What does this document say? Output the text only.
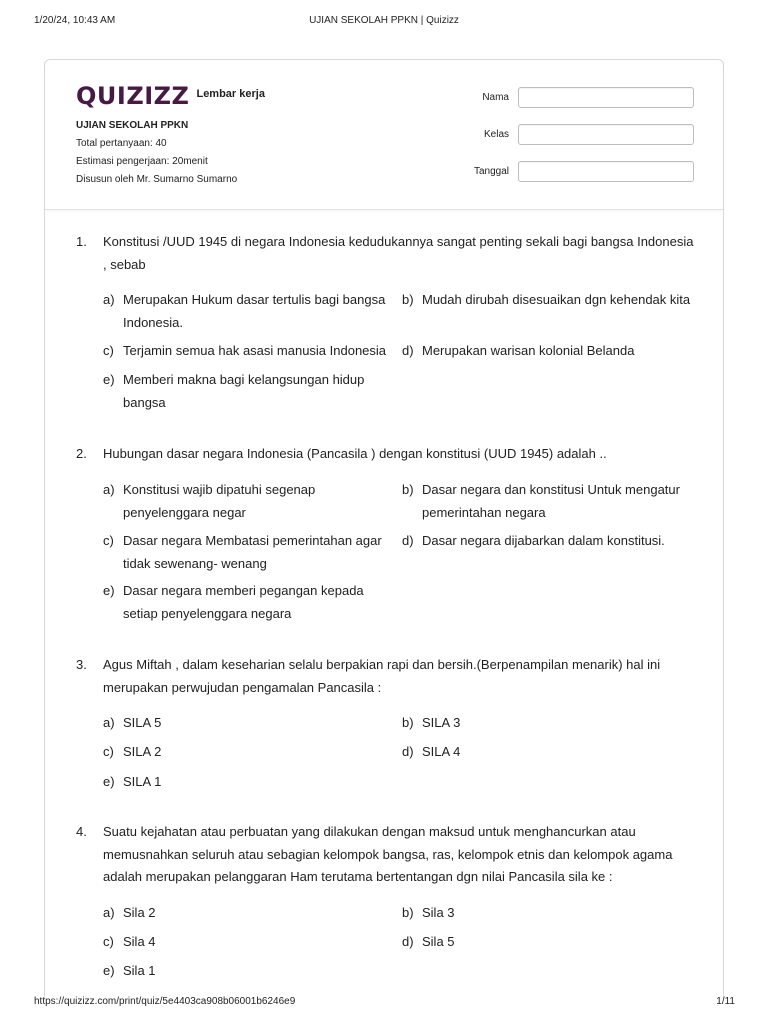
1/20/24, 10:43 AM	UJIAN SEKOLAH PPKN | Quizizz
QUIZIZZ Lembar kerja
UJIAN SEKOLAH PPKN
Total pertanyaan: 40
Estimasi pengerjaan: 20menit
Disusun oleh Mr. Sumarno Sumarno
Nama
Kelas
Tanggal
1. Konstitusi /UUD 1945 di negara Indonesia kedudukannya sangat penting sekali bagi bangsa Indonesia , sebab
a) Merupakan Hukum dasar tertulis bagi bangsa Indonesia.
b) Mudah dirubah disesuaikan dgn kehendak kita
c) Terjamin semua hak asasi manusia Indonesia	d) Merupakan warisan kolonial Belanda
e) Memberi makna bagi kelangsungan hidup bangsa
2. Hubungan dasar negara Indonesia (Pancasila ) dengan konstitusi (UUD 1945) adalah ..
a) Konstitusi wajib dipatuhi segenap penyelenggara negar
b) Dasar negara dan konstitusi Untuk mengatur pemerintahan negara
c) Dasar negara Membatasi pemerintahan agar tidak sewenang- wenang
d) Dasar negara dijabarkan dalam konstitusi.
e) Dasar negara memberi pegangan kepada setiap penyelenggara negara
3. Agus Miftah , dalam keseharian selalu berpakian rapi dan bersih.(Berpenampilan menarik) hal ini merupakan perwujudan pengamalan Pancasila :
a) SILA 5	b) SILA 3
c) SILA 2	d) SILA 4
e) SILA 1
4. Suatu kejahatan atau perbuatan yang dilakukan dengan maksud untuk menghancurkan atau memusnahkan seluruh atau sebagian kelompok bangsa, ras, kelompok etnis dan kelompok agama adalah merupakan pelanggaran Ham terutama bertentangan dgn nilai Pancasila sila ke :
a) Sila 2	b) Sila 3
c) Sila 4	d) Sila 5
e) Sila 1
https://quizizz.com/print/quiz/5e4403ca908b06001b6246e9	1/11
